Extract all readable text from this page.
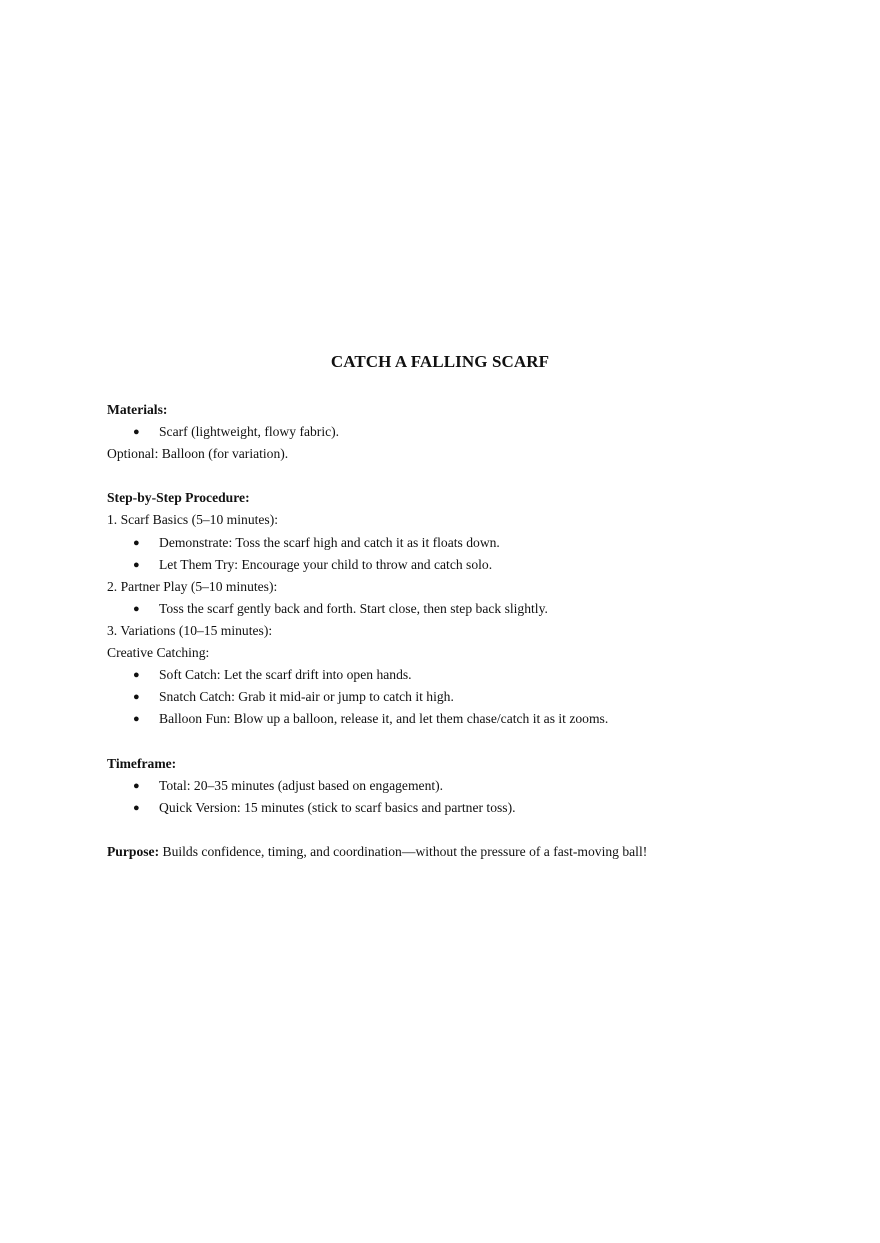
CATCH A FALLING SCARF
Materials:
● Scarf (lightweight, flowy fabric).
Optional: Balloon (for variation).
Step-by-Step Procedure:
1. Scarf Basics (5–10 minutes):
● Demonstrate: Toss the scarf high and catch it as it floats down.
● Let Them Try: Encourage your child to throw and catch solo.
2. Partner Play (5–10 minutes):
● Toss the scarf gently back and forth. Start close, then step back slightly.
3. Variations (10–15 minutes):
Creative Catching:
● Soft Catch: Let the scarf drift into open hands.
● Snatch Catch: Grab it mid-air or jump to catch it high.
● Balloon Fun: Blow up a balloon, release it, and let them chase/catch it as it zooms.
Timeframe:
● Total: 20–35 minutes (adjust based on engagement).
● Quick Version: 15 minutes (stick to scarf basics and partner toss).
Purpose: Builds confidence, timing, and coordination—without the pressure of a fast-moving ball!
